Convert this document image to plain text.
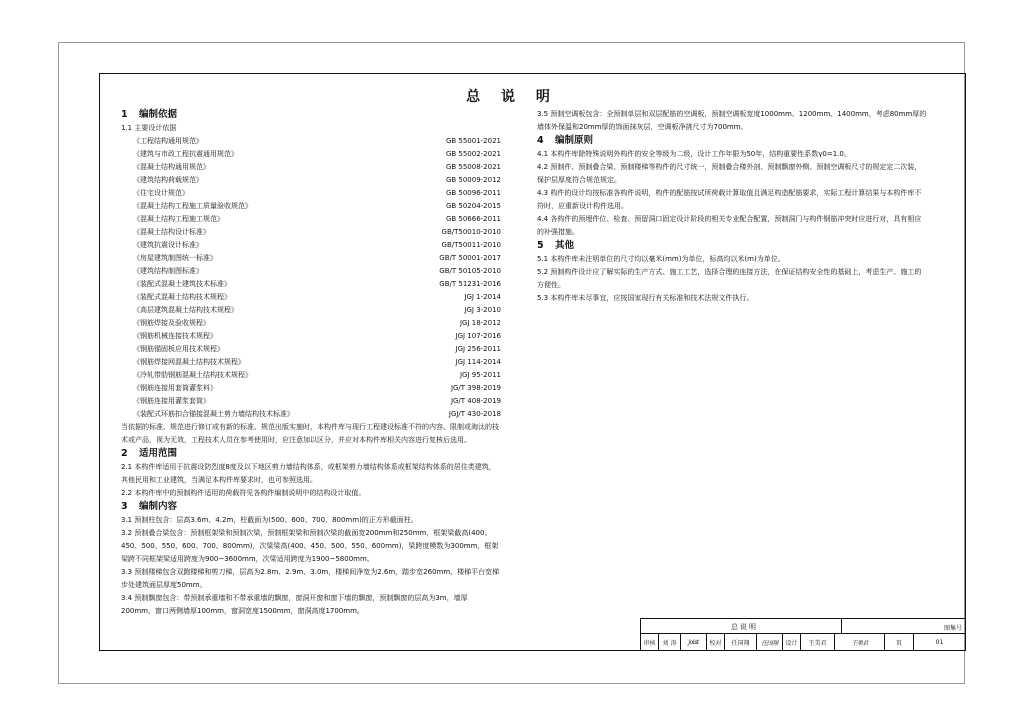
总 说 明
1 编制依据
1.1 主要设计依据
《工程结构通用规范》	GB 55001-2021
《建筑与市政工程抗震通用规范》	GB 55002-2021
《混凝土结构通用规范》	GB 55008-2021
《建筑结构荷载规范》	GB 50009-2012
《住宅设计规范》	GB 50096-2011
《混凝土结构工程施工质量验收规范》	GB 50204-2015
《混凝土结构工程施工规范》	GB 50666-2011
《混凝土结构设计标准》	GB/T50010-2010
《建筑抗震设计标准》	GB/T50011-2010
《房屋建筑制图统一标准》	GB/T 50001-2017
《建筑结构制图标准》	GB/T 50105-2010
《装配式混凝土建筑技术标准》	GB/T 51231-2016
《装配式混凝土结构技术规程》	JGJ 1-2014
《高层建筑混凝土结构技术规程》	JGJ 3-2010
《钢筋焊接及验收规程》	JGJ 18-2012
《钢筋机械连接技术规程》	JGJ 107-2016
《钢筋锚固板应用技术规程》	JGJ 256-2011
《钢筋焊接网混凝土结构技术规程》	JGJ 114-2014
《冷轧带肋钢筋混凝土结构技术规程》	JGJ 95-2011
《钢筋连接用套筒灌浆料》	JG/T 398-2019
《钢筋连接用灌浆套筒》	JG/T 408-2019
《装配式环筋扣合锚接混凝土剪力墙结构技术标准》	JGJ/T 430-2018
当依据的标准、规范进行修订或有新的标准、规范出版实施时，本构件库与现行工程建设标准不符的内容、限制或淘汰的技术或产品，视为无效，工程技术人员在参考使用时，应注意加以区分，并应对本构件库相关内容进行复核后选用。
2 适用范围
2.1 本构件库适用于抗震设防烈度8度及以下地区剪力墙结构体系，或框架剪力墙结构体系或框架结构体系的居住类建筑，其他民用和工业建筑，当满足本构件库要求时，也可参照选用。
2.2 本构件库中的预制构件适用的荷载符见各构件编制说明中的结构设计取值。
3 编制内容
3.1 预制柱包含：层高3.6m、4.2m，柱截面为(500、600、700、800mm)的正方形截面柱。
3.2 预制叠合梁包含：预制框架梁和预制次梁，预制框架梁和预制次梁的截面宽200mm和250mm，框架梁截高(400、450、500、550、600、700、800mm)，次梁梁高(400、450、500、550、600mm)，梁跨度模数为300mm，框架梁跨不同框架梁适用跨度为900~3600mm，次梁适用跨度为1900~5800mm。
3.3 预制楼梯包含双跑楼梯和剪刀梯，层高为2.8m、2.9m、3.0m，楼梯间净宽为2.6m，踏步宽260mm，楼梯平台宽梯步处建筑面层厚度50mm。
3.4 预制飘窗包含：带预制承重墙和不带承重墙的飘窗，窗洞开窗和窗下墙的飘窗，预制飘窗的层高为3m，墙厚200mm，窗口两侧墙厚100mm，窗洞宽度1500mm，窗洞高度1700mm。
3.5 预制空调板包含：全预制单层和双层配筋的空调板，预制空调板宽度1000mm、1200mm、1400mm，考虑80mm厚的墙体外保温和20mm厚的饰面抹灰层，空调板净挑尺寸为700mm。
4 编制原则
4.1 本构件库除特殊说明外构件的安全等级为二级，设计工作年限为50年，结构重要性系数γ0=1.0。
4.2 预制件、预制叠合梁、预制楼梯等构件的尺寸统一，预制叠合楼外剖、预制飘窗外侧、预制空调板尺寸的规定定二次装，保护层厚度符合规范规定。
4.3 构件的设计均按标准各构件说明，构件的配筋按试所荷载计算取值且满足构造配筋要求，实际工程计算结果与本构件库不符时，应重新设计构件选用。
4.4 各构件的预埋件位、检查、预留洞口固定设计阶段的相关专业配合配置，预制洞门与构件钢筋冲突时应进行对，具有相应的补强措施。
5 其他
5.1 本构件库未注明单位的尺寸均以毫米(mm)为单位，标高均以米(m)为单位。
5.2 预制构件设计应了解实际的生产方式、施工工艺，选择合理的连接方法，在保证结构安全性的基础上，考虑生产、施工的方便性。
5.3 本构件库未尽事宜，应按国家现行有关标准和技术法规文件执行。
总说明	图集号
审核	刘 涛	joist	校对	任国翔	任国翔	设计	王美君	王美君	页	01
